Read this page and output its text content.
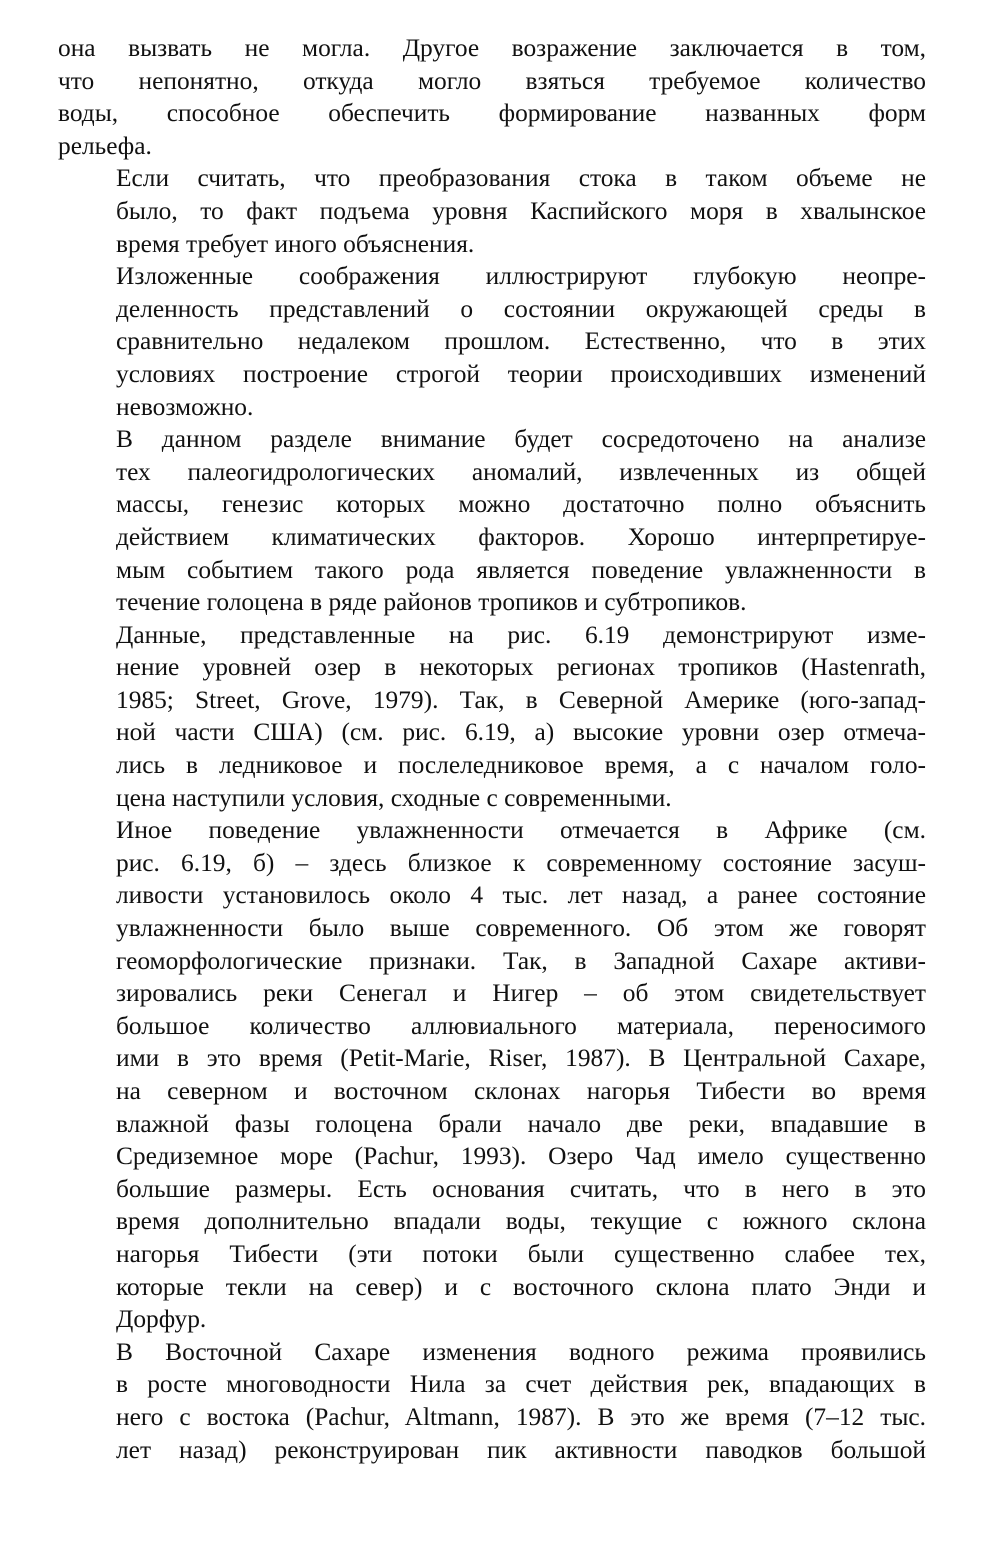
она вызвать не могла. Другое возражение заключается в том,
что непонятно, откуда могло взяться требуемое количество
воды, способное обеспечить формирование названных форм
рельефа.

Если считать, что преобразования стока в таком объеме не
было, то факт подъема уровня Каспийского моря в хвалынское
время требует иного объяснения.

Изложенные соображения иллюстрируют глубокую неопре-
деленность представлений о состоянии окружающей среды в
сравнительно недалеком прошлом. Естественно, что в этих
условиях построение строгой теории происходивших изменений
невозможно.

В данном разделе внимание будет сосредоточено на анализе
тех палеогидрологических аномалий, извлеченных из общей
массы, генезис которых можно достаточно полно объяснить
действием климатических факторов. Хорошо интерпретируе-
мым событием такого рода является поведение увлажненности в
течение голоцена в ряде районов тропиков и субтропиков.

Данные, представленные на рис. 6.19 демонстрируют изме-
нение уровней озер в некоторых регионах тропиков (Hastenrath,
1985; Street, Grove, 1979). Так, в Северной Америке (юго-запад-
ной части США) (см. рис. 6.19, а) высокие уровни озер отмеча-
лись в ледниковое и послеледниковое время, а с началом голо-
цена наступили условия, сходные с современными.

Иное поведение увлажненности отмечается в Африке (см.
рис. 6.19, б) – здесь близкое к современному состояние засуш-
ливости установилось около 4 тыс. лет назад, а ранее состояние
увлажненности было выше современного. Об этом же говорят
геоморфологические признаки. Так, в Западной Сахаре активи-
зировались реки Сенегал и Нигер – об этом свидетельствует
большое количество аллювиального материала, переносимого
ими в это время (Petit-Marie, Riser, 1987). В Центральной Сахаре,
на северном и восточном склонах нагорья Тибести во время
влажной фазы голоцена брали начало две реки, впадавшие в
Средиземное море (Pachur, 1993). Озеро Чад имело существенно
большие размеры. Есть основания считать, что в него в это
время дополнительно впадали воды, текущие с южного склона
нагорья Тибести (эти потоки были существенно слабее тех,
которые текли на север) и с восточного склона плато Энди и
Дорфур.

В Восточной Сахаре изменения водного режима проявились
в росте многоводности Нила за счет действия рек, впадающих в
него с востока (Pachur, Altmann, 1987). В это же время (7–12 тыс.
лет назад) реконструирован пик активности паводков большой
